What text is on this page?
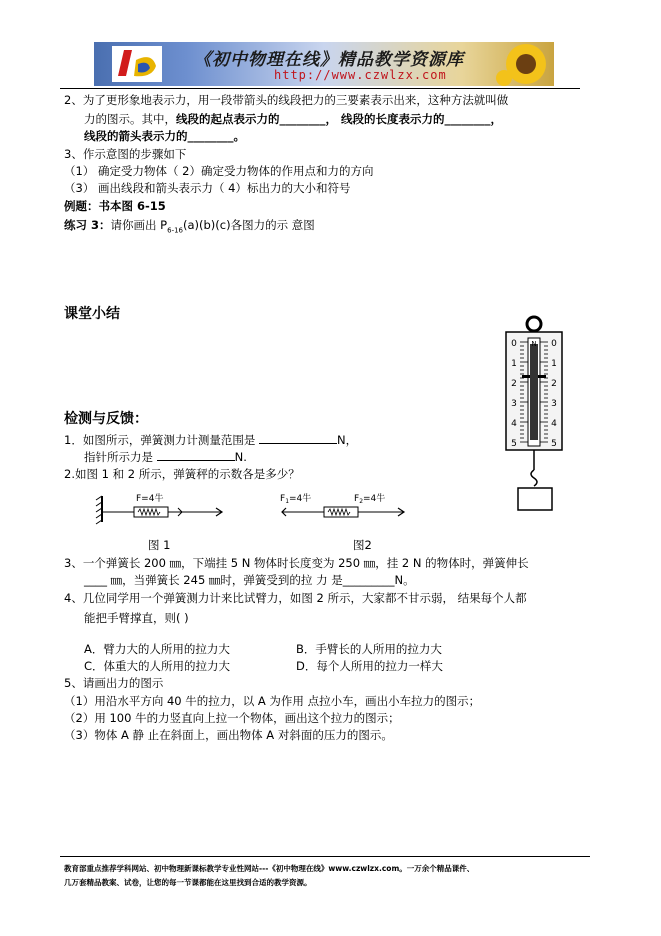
《初中物理在线》精品教学资源库
http://www.czwlzx.com
2、为了更形象地表示力，用一段带箭头的线段把力的三要素表示出来，这种方法就叫做
力的图示。其中，线段的起点表示力的________， 线段的长度表示力的________，
线段的箭头表示力的________。
3、作示意图的步骤如下
（1） 确定受力物体（ 2）确定受力物体的作用点和力的方向
（3） 画出线段和箭头表示力（ 4）标出力的大小和符号
例题：书本图 6-15
练习 3：请你画出 $P_{6-16}(a)(b)(c)$各图力的示 意图
课堂小结
0	0
1	1
2	2
3	3
4	4
5	5
N
检测与反馈：
1．如图所示，弹簧测力计测量范围是	N，
指针所示力是	N.
2.如图 1 和 2 所示，弹簧秤的示数各是多少？
F=4牛	$F_1=4$牛	$F_2=4$牛
图 1	图2
3、一个弹簧长 200 ㎜，下端挂 5 N 物体时长度变为 250 ㎜，挂 2 N 的物体时，弹簧伸长
____ ㎜，当弹簧长 245 ㎜时，弹簧受到的拉 力 是_________N。
4、几位同学用一个弹簧测力计来比试臂力，如图 2 所示，大家都不甘示弱， 结果每个人都
能把手臂撑直，则( )
A．臂力大的人所用的拉力大	B．手臂长的人所用的拉力大
C．体重大的人所用的拉力大	D．每个人所用的拉力一样大
5、请画出力的图示
（1）用沿水平方向 40 牛的拉力，以 A 为作用 点拉小车，画出小车拉力的图示；
（2）用 100 牛的力竖直向上拉一个物体，画出这个拉力的图示；
（3）物体 A 静 止在斜面上，画出物体 A 对斜面的压力的图示。
教育部重点推荐学科网站、初中物理新课标教学专业性网站---《初中物理在线》www.czwlzx.com。一万余个精品课件、
几万套精品教案、试卷，让您的每一节课都能在这里找到合适的教学资源。
